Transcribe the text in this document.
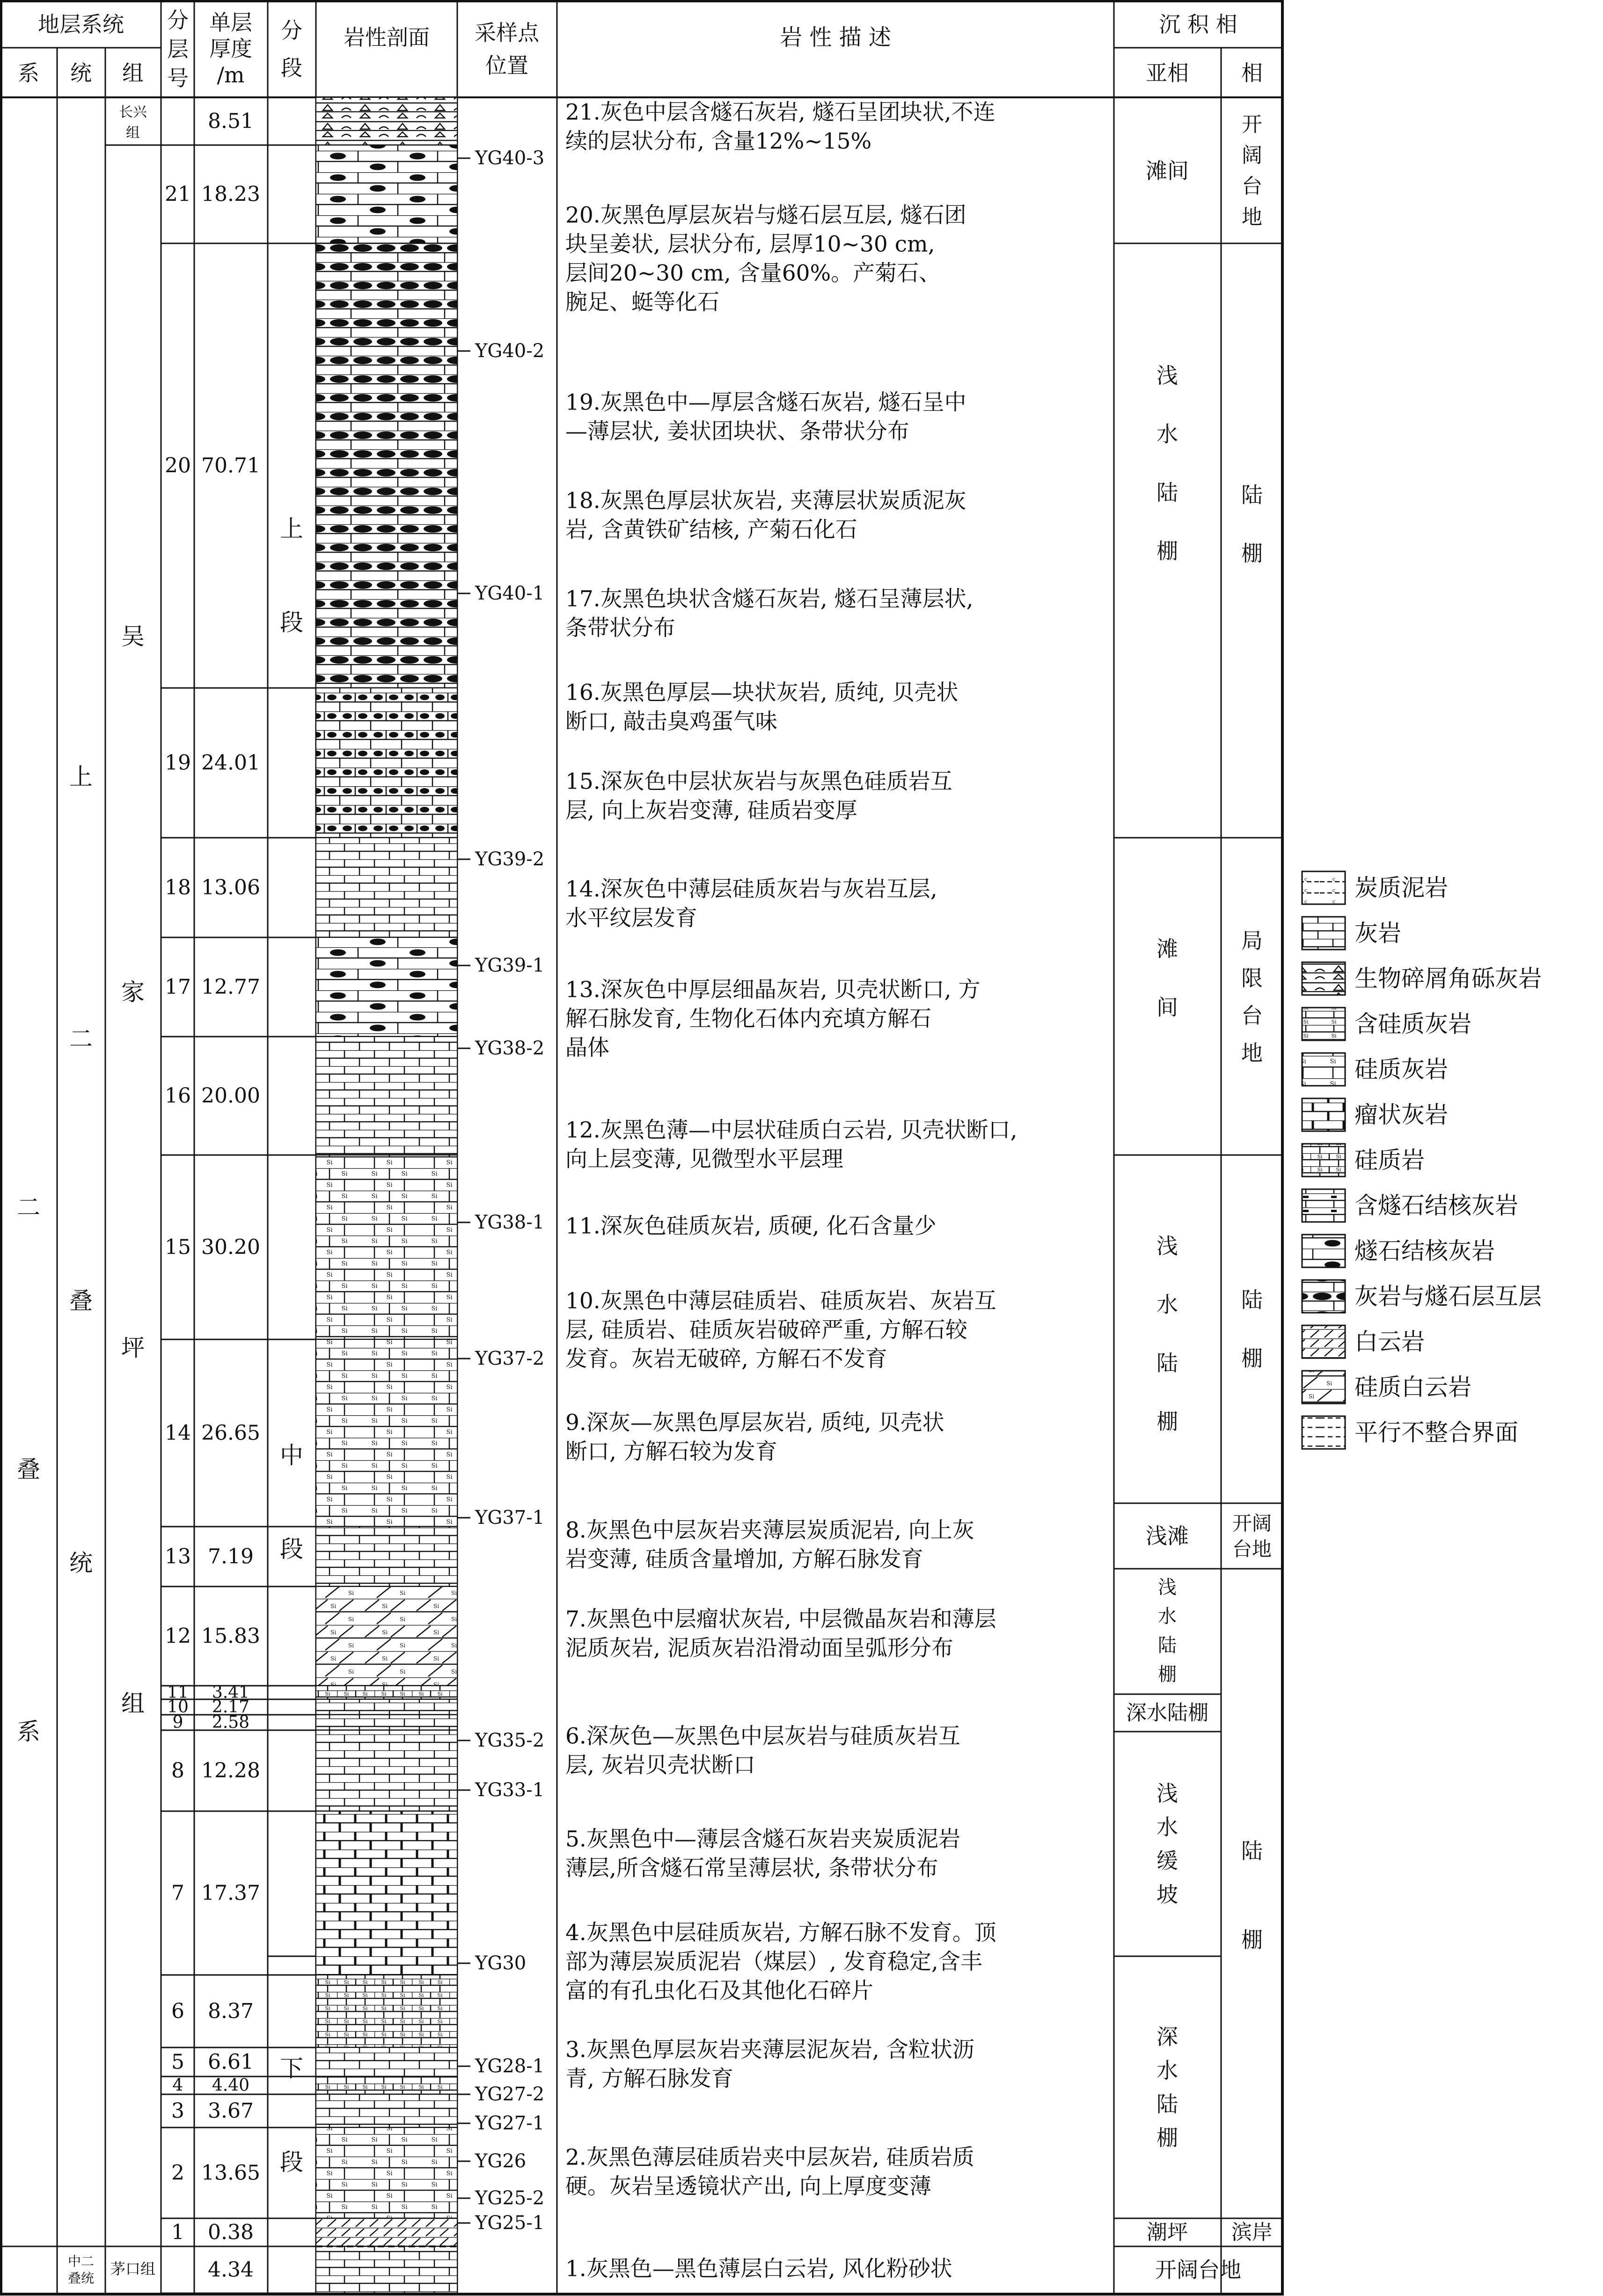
地层系统
系 统 组
分
层
号
单层
厚度
/m
分
段
岩性剖面 采样点
位置
岩 性 描 述	沉 积 相
亚相 相
8.51
21 18.23
20 70.71
19 24.01
18 13.06
17 12.77
16 20.00
15 30.20
14 26.65
13 7.19
12 15.83
11 3.41
10 2.17
9 2.58
8 12.28
7 17.37
6 8.37
5 6.61
4 4.40
3 3.67
2 13.65
1 0.38
4.34
二
叠
系
上
二
叠
统
中二
叠统
长兴
组
吴
家
坪
组
茅口组
上
段
中
段
下
段
YG40-3
YG40-2
YG40-1
YG39-2
YG39-1
YG38-2
YG38-1
YG37-2
YG37-1
YG35-2
YG33-1
YG30
YG28-1
YG27-2
YG27-1
YG26
YG25-2
YG25-1
21.灰色中层含燧石灰岩, 燧石呈团块状,不连
续的层状分布, 含量12%~15%
20.灰黑色厚层灰岩与燧石层互层, 燧石团
块呈姜状, 层状分布, 层厚10~30 cm,
层间20~30 cm, 含量60%。产菊石、
腕足、蜓等化石
19.灰黑色中—厚层含燧石灰岩, 燧石呈中
—薄层状, 姜状团块状、条带状分布
18.灰黑色厚层状灰岩, 夹薄层状炭质泥灰
岩, 含黄铁矿结核, 产菊石化石
17.灰黑色块状含燧石灰岩, 燧石呈薄层状,
条带状分布
16.灰黑色厚层—块状灰岩, 质纯, 贝壳状
断口, 敲击臭鸡蛋气味
15.深灰色中层状灰岩与灰黑色硅质岩互
层, 向上灰岩变薄, 硅质岩变厚
14.深灰色中薄层硅质灰岩与灰岩互层,
水平纹层发育
13.深灰色中厚层细晶灰岩, 贝壳状断口, 方
解石脉发育, 生物化石体内充填方解石
晶体
12.灰黑色薄—中层状硅质白云岩, 贝壳状断口,
向上层变薄, 见微型水平层理
11.深灰色硅质灰岩, 质硬, 化石含量少
10.灰黑色中薄层硅质岩、硅质灰岩、灰岩互
层, 硅质岩、硅质灰岩破碎严重, 方解石较
发育。灰岩无破碎, 方解石不发育
9.深灰—灰黑色厚层灰岩, 质纯, 贝壳状
断口, 方解石较为发育
8.灰黑色中层灰岩夹薄层炭质泥岩, 向上灰
岩变薄, 硅质含量增加, 方解石脉发育
7.灰黑色中层瘤状灰岩, 中层微晶灰岩和薄层
泥质灰岩, 泥质灰岩沿滑动面呈弧形分布
6.深灰色—灰黑色中层灰岩与硅质灰岩互
层, 灰岩贝壳状断口
5.灰黑色中—薄层含燧石灰岩夹炭质泥岩
薄层,所含燧石常呈薄层状, 条带状分布
4.灰黑色中层硅质灰岩, 方解石脉不发育。顶
部为薄层炭质泥岩（煤层）, 发育稳定,含丰
富的有孔虫化石及其他化石碎片
3.灰黑色厚层灰岩夹薄层泥灰岩, 含粒状沥
青, 方解石脉发育
2.灰黑色薄层硅质岩夹中层灰岩, 硅质岩质
硬。灰岩呈透镜状产出, 向上厚度变薄
1.灰黑色—黑色薄层白云岩, 风化粉砂状
滩间
浅
水
陆
棚
滩
间
浅
水
陆
棚
浅滩
浅
水
陆
棚
深水陆棚
浅
水
缓
坡
深
水
陆
棚
潮坪
开
阔
台
地
陆
棚
局
限
台
地
陆
棚
开阔
台地
陆
棚
滨岸
开阔台地
炭质泥岩
灰岩
生物碎屑角砾灰岩
含硅质灰岩
硅质灰岩
瘤状灰岩
硅质岩
含燧石结核灰岩
燧石结核灰岩
灰岩与燧石层互层
白云岩
硅质白云岩
平行不整合界面
